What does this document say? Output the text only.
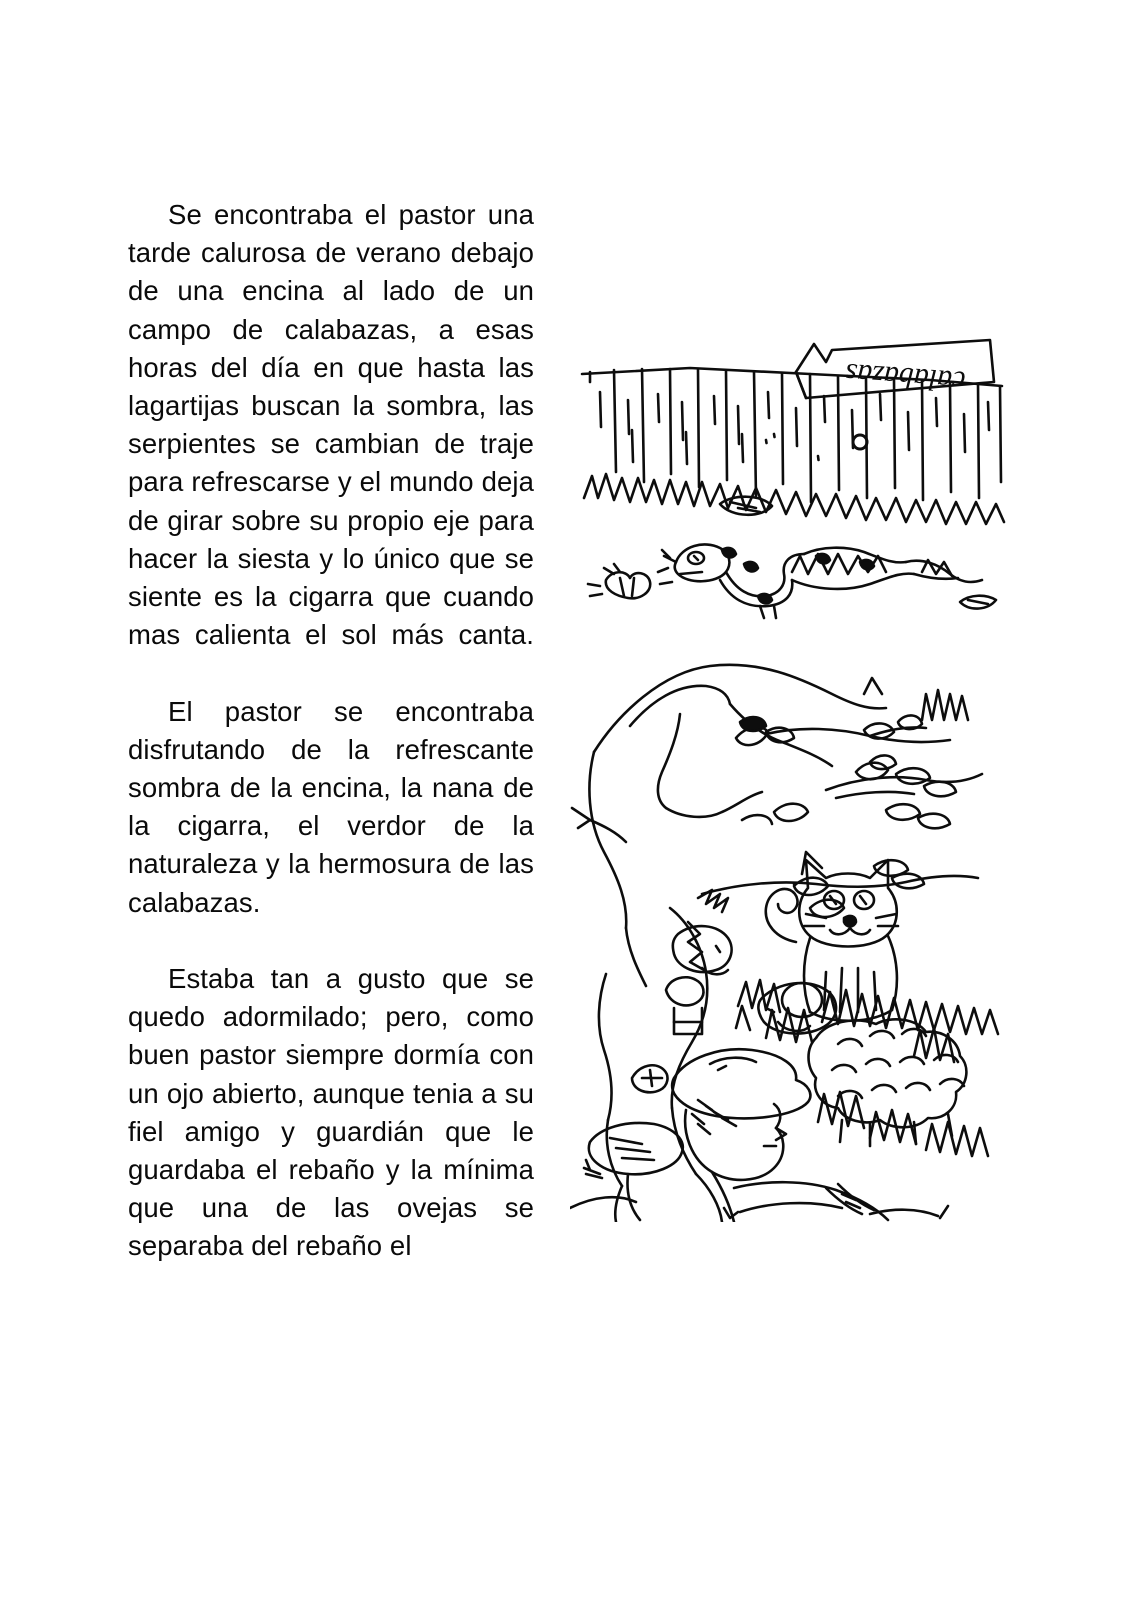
Se encontraba el pastor una tarde calurosa de verano debajo de una encina al lado de un campo de calabazas, a esas horas del día en que hasta las lagartijas buscan la sombra, las serpientes se cambian de traje para refrescarse y el mundo deja de girar sobre su propio eje para hacer la siesta y lo único que se siente es la cigarra que cuando mas calienta el sol más canta.

El pastor se encontraba disfrutando de la refrescante sombra de la encina, la nana de la cigarra, el verdor de la naturaleza y la hermosura de las calabazas.

Estaba tan a gusto que se quedo adormilado; pero, como buen pastor siempre dormía con un ojo abierto, aunque tenia a su fiel amigo y guardián que le guardaba el rebaño y la mínima que una de las ovejas se separaba del rebaño el

calabazas
